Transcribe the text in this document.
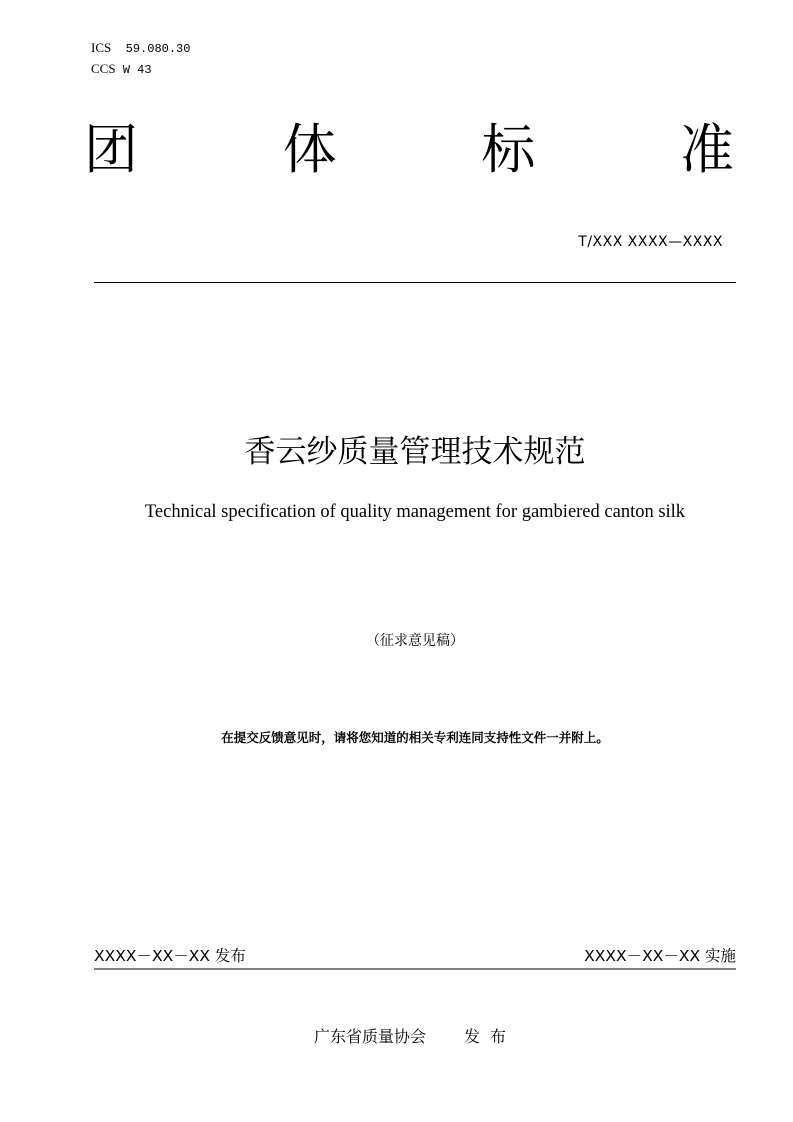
ICS 59.080.30
CCS W 43
团	体	标	准
T/XXX XXXX—XXXX
香云纱质量管理技术规范
Technical specification of quality management for gambiered canton silk
（征求意见稿）
在提交反馈意见时，请将您知道的相关专利连同支持性文件一并附上。
XXXX－XX－XX 发布	XXXX－XX－XX 实施
广东省质量协会 发布
